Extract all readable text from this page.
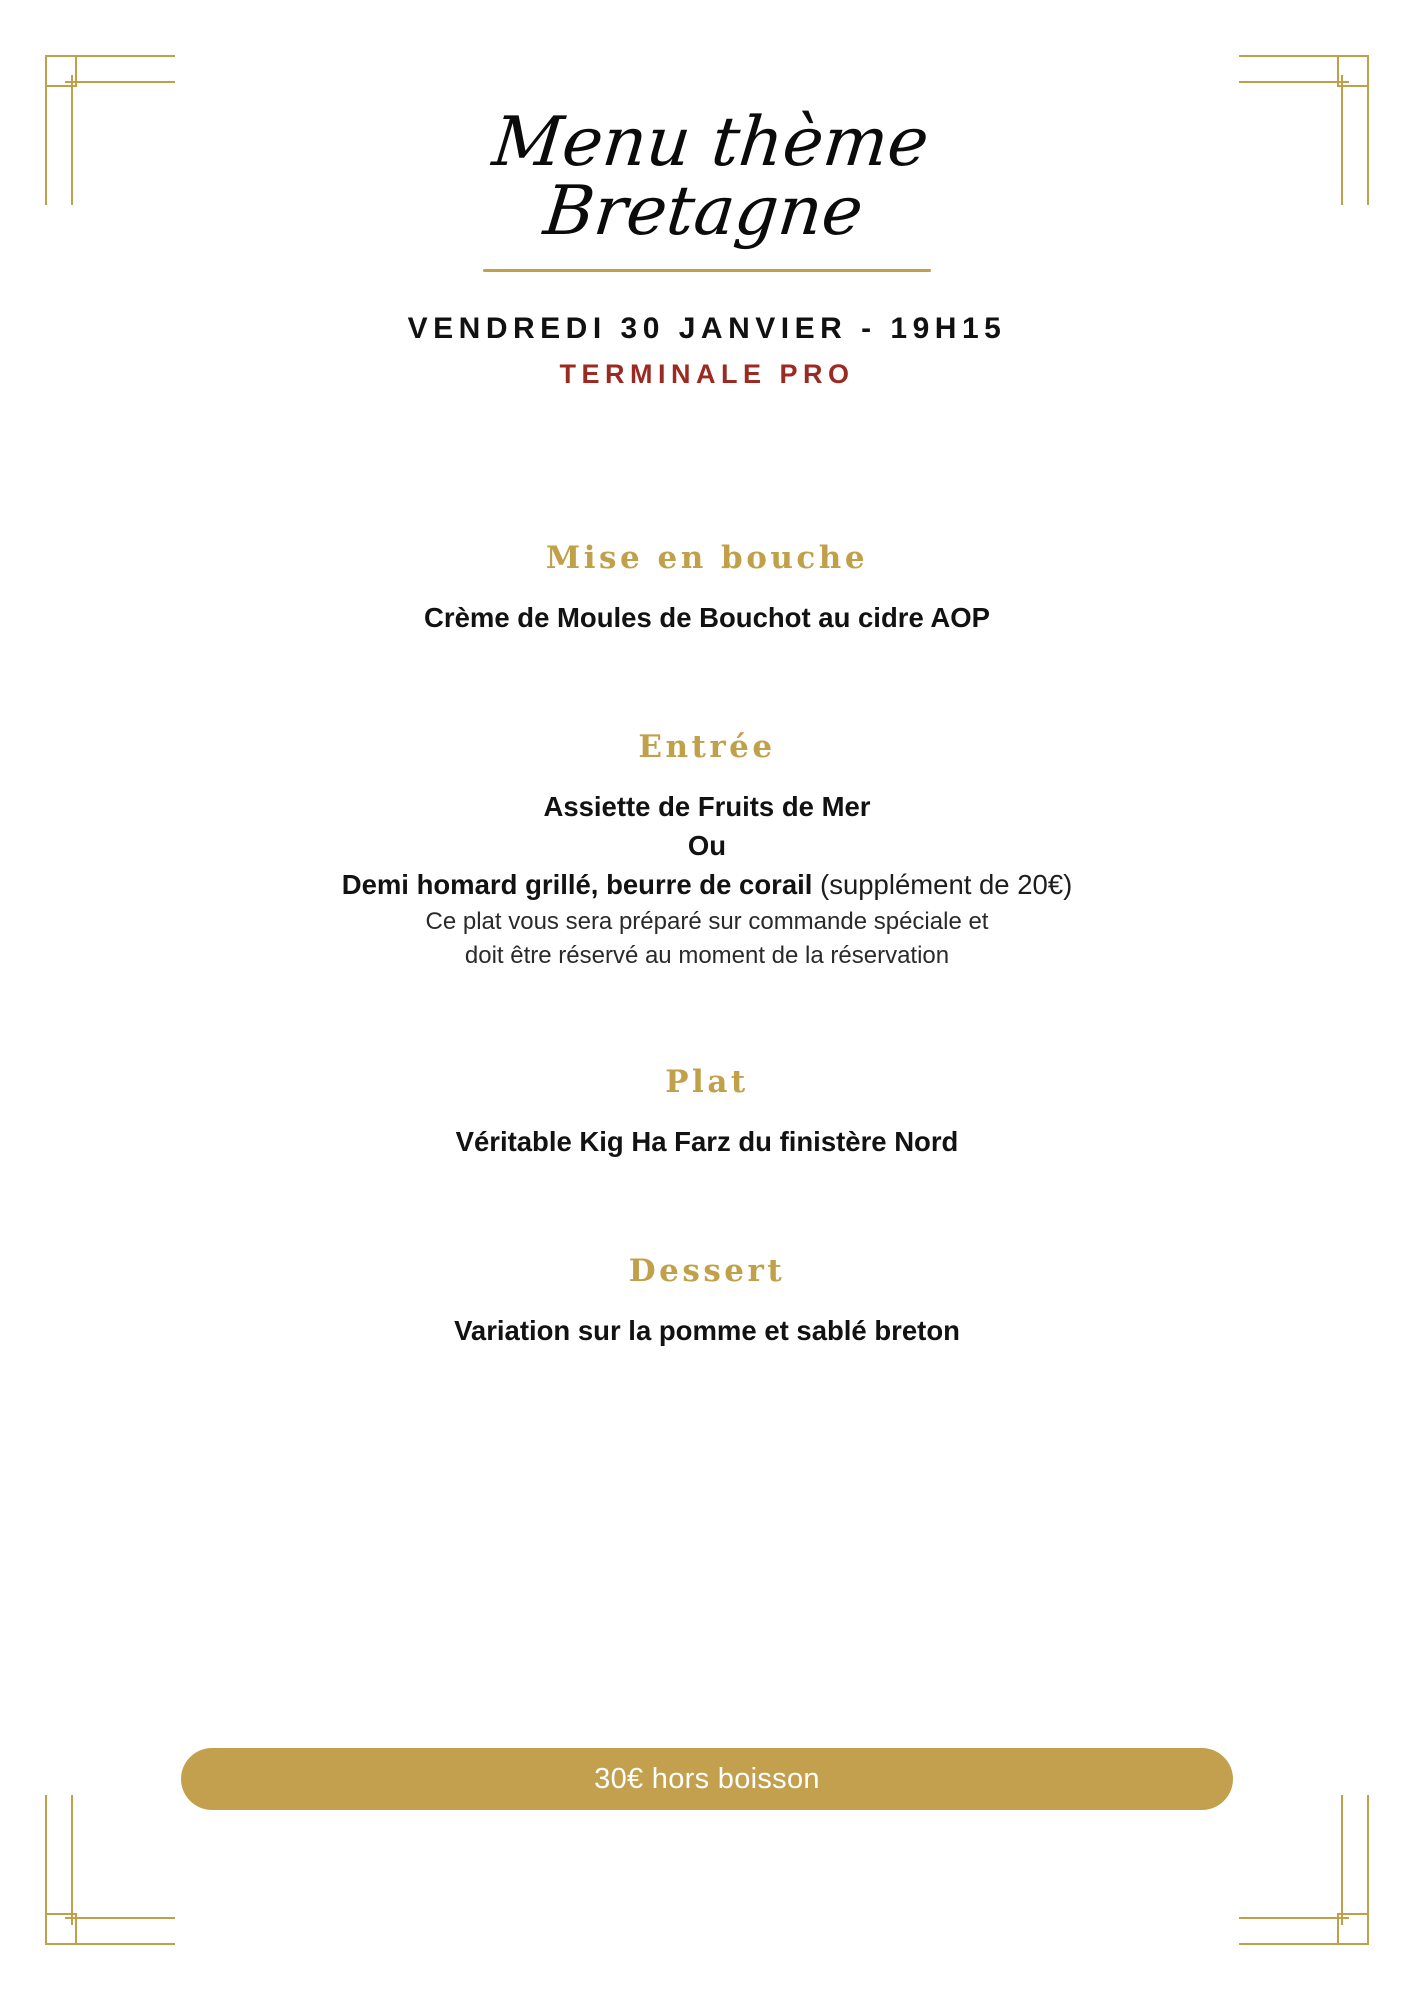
Menu thème
Bretagne
VENDREDI 30 JANVIER - 19H15
TERMINALE PRO
Mise en bouche

Crème de Moules de Bouchot au cidre AOP

Entrée

Assiette de Fruits de Mer

Ou

Demi homard grillé, beurre de corail (supplément de 20€)

Ce plat vous sera préparé sur commande spéciale et

doit être réservé au moment de la réservation

Plat

Véritable Kig Ha Farz du finistère Nord

Dessert

Variation sur la pomme et sablé breton

30€ hors boisson
